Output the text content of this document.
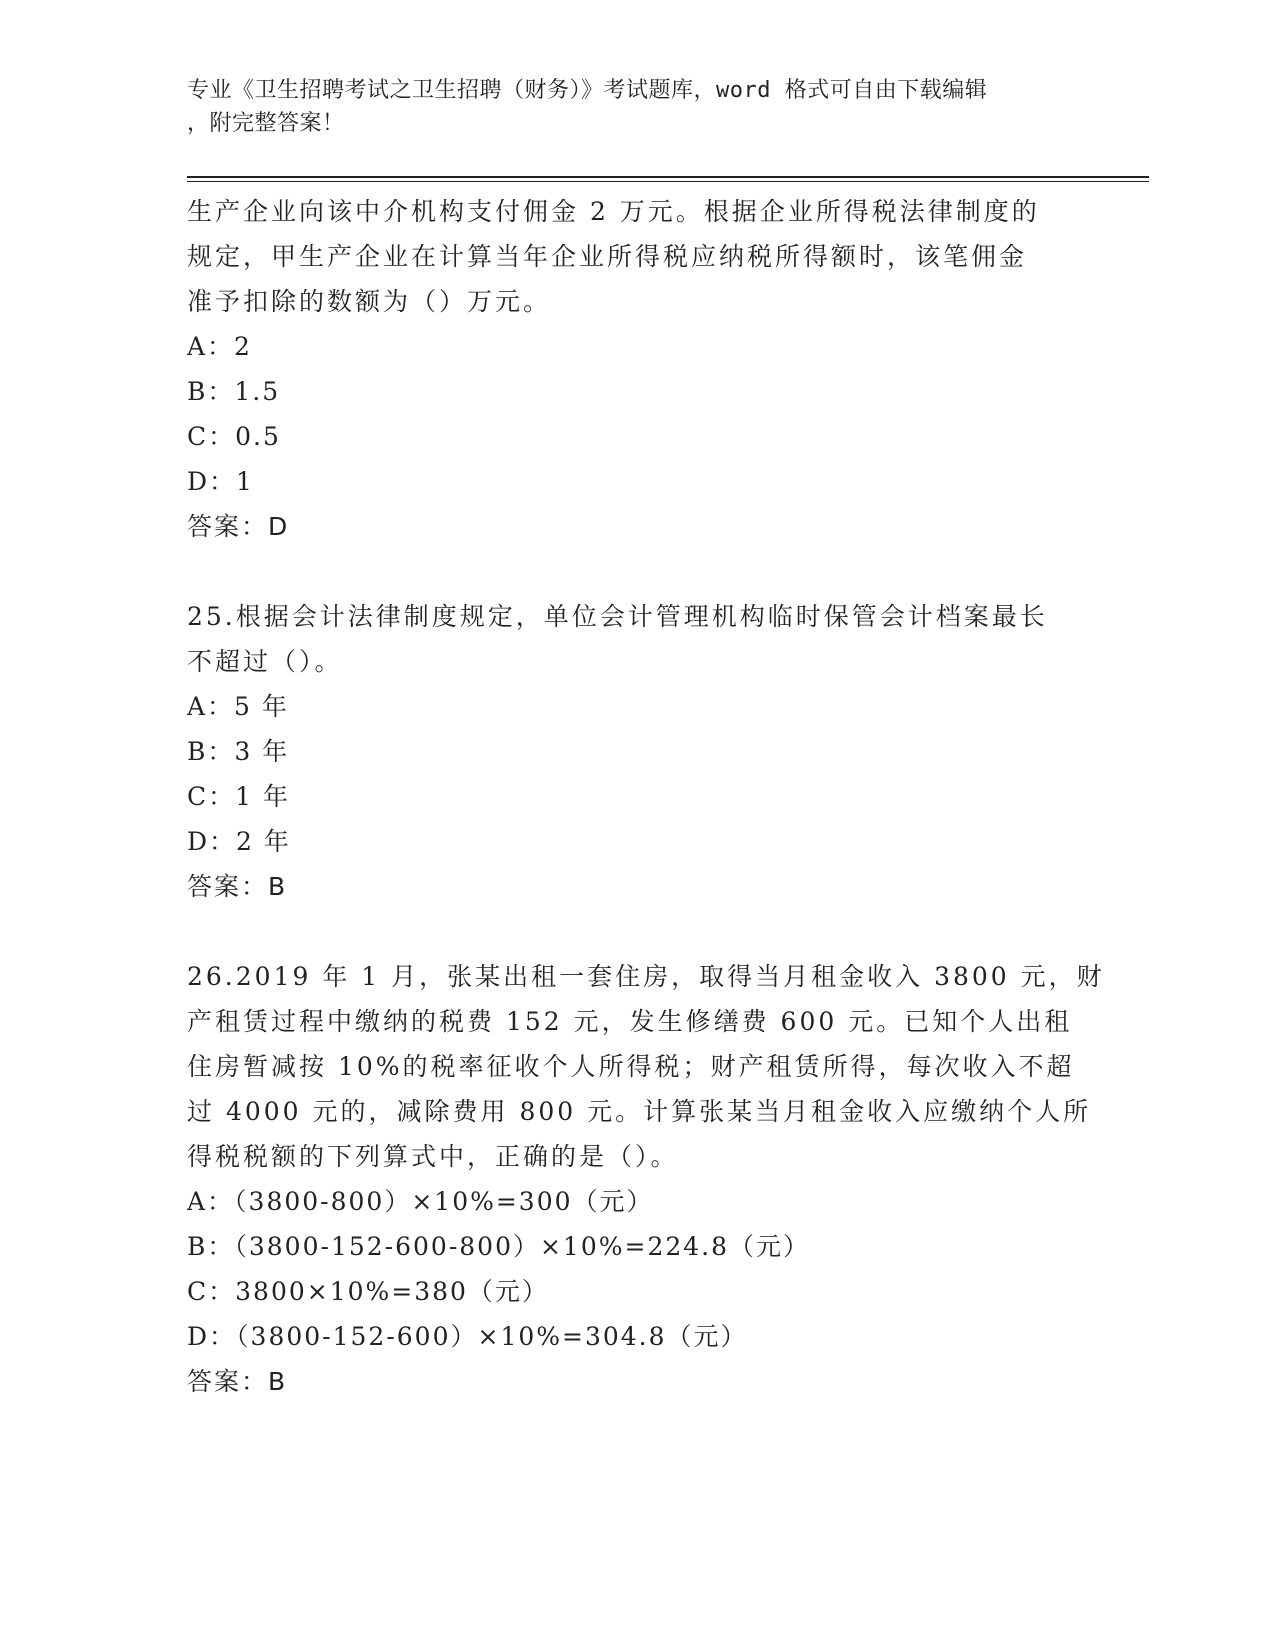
专业《卫生招聘考试之卫生招聘（财务）》考试题库，word 格式可自由下载编辑
，附完整答案！
生产企业向该中介机构支付佣金 2 万元。根据企业所得税法律制度的
规定，甲生产企业在计算当年企业所得税应纳税所得额时，该笔佣金
准予扣除的数额为（）万元。
A：2
B：1.5
C：0.5
D：1
答案：D
25.根据会计法律制度规定，单位会计管理机构临时保管会计档案最长
不超过（）。
A：5 年
B：3 年
C：1 年
D：2 年
答案：B
26.2019 年 1 月，张某出租一套住房，取得当月租金收入 3800 元，财
产租赁过程中缴纳的税费 152 元，发生修缮费 600 元。已知个人出租
住房暂减按 10%的税率征收个人所得税；财产租赁所得，每次收入不超
过 4000 元的，减除费用 800 元。计算张某当月租金收入应缴纳个人所
得税税额的下列算式中，正确的是（）。
A：（3800-800）×10%=300（元）
B：（3800-152-600-800）×10%=224.8（元）
C：3800×10%=380（元）
D：（3800-152-600）×10%=304.8（元）
答案：B
